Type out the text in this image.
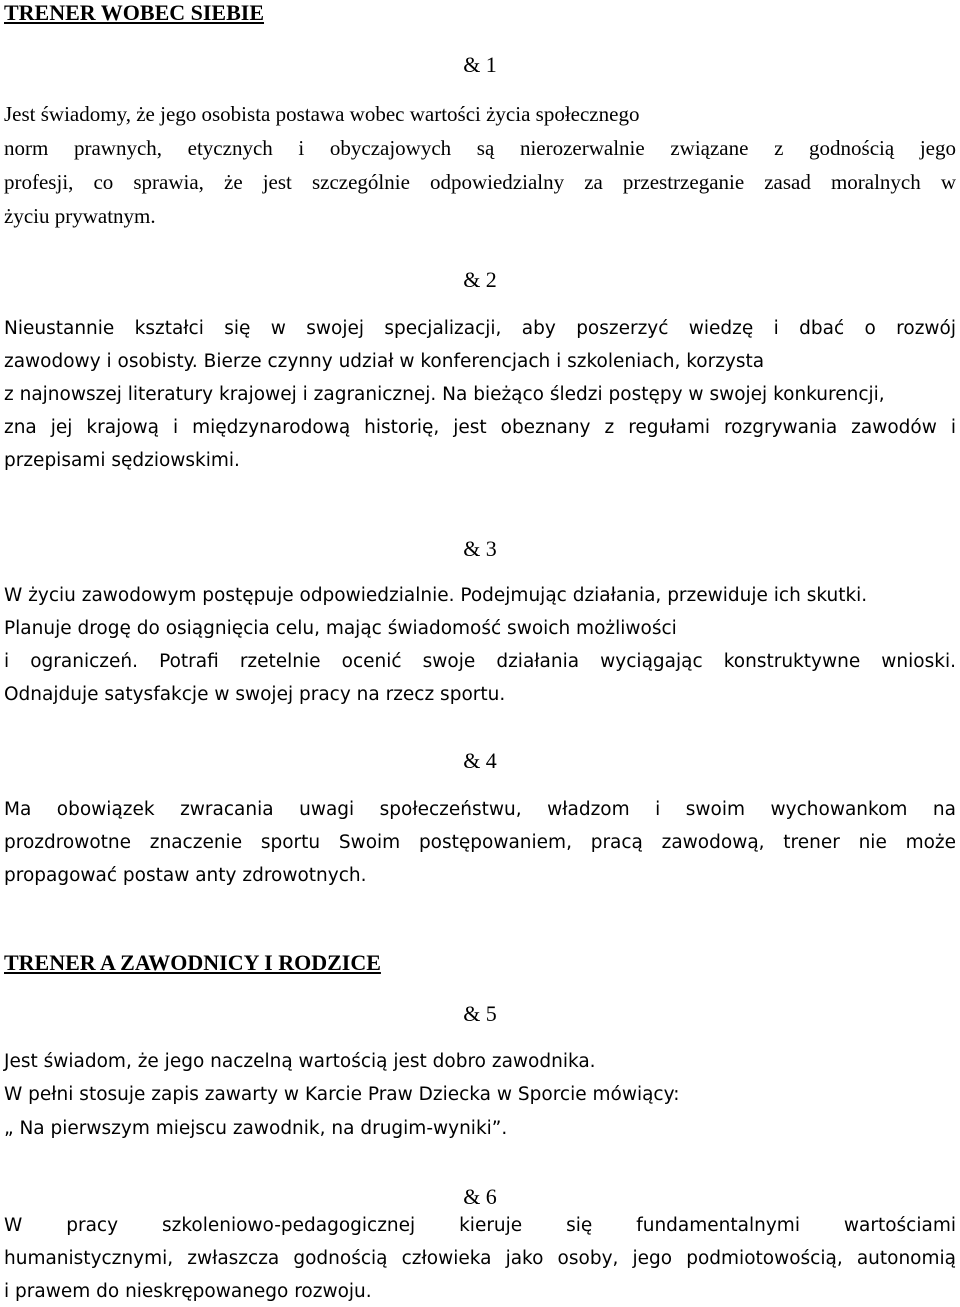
TRENER WOBEC SIEBIE
& 1
Jest świadomy, że jego osobista postawa wobec wartości życia społecznego
norm prawnych, etycznych i obyczajowych są nierozerwalnie związane z godnością jego
profesji, co sprawia, że jest szczególnie odpowiedzialny za przestrzeganie zasad moralnych w
życiu prywatnym.
& 2
Nieustannie kształci się w swojej specjalizacji, aby poszerzyć wiedzę i dbać o rozwój
zawodowy i osobisty. Bierze czynny udział w konferencjach i szkoleniach, korzysta
z najnowszej literatury krajowej i zagranicznej. Na bieżąco śledzi postępy w swojej konkurencji,
zna jej krajową i międzynarodową historię, jest obeznany z regułami rozgrywania zawodów i
przepisami sędziowskimi.
& 3
W życiu zawodowym postępuje odpowiedzialnie. Podejmując działania, przewiduje ich skutki.
Planuje drogę do osiągnięcia celu, mając świadomość swoich możliwości
i ograniczeń. Potrafi rzetelnie ocenić swoje działania wyciągając konstruktywne wnioski.
Odnajduje satysfakcje w swojej pracy na rzecz sportu.
& 4
Ma obowiązek zwracania uwagi społeczeństwu, władzom i swoim wychowankom na
prozdrowotne znaczenie sportu Swoim postępowaniem, pracą zawodową, trener nie może
propagować postaw anty zdrowotnych.
TRENER A ZAWODNICY I RODZICE
& 5
Jest świadom, że jego naczelną wartością jest dobro zawodnika.
W pełni stosuje zapis zawarty w Karcie Praw Dziecka w Sporcie mówiący:
„ Na pierwszym miejscu zawodnik, na drugim-wyniki”.
& 6
W pracy szkoleniowo-pedagogicznej kieruje się fundamentalnymi wartościami
humanistycznymi, zwłaszcza godnością człowieka jako osoby, jego podmiotowością, autonomią
i prawem do nieskrępowanego rozwoju.
